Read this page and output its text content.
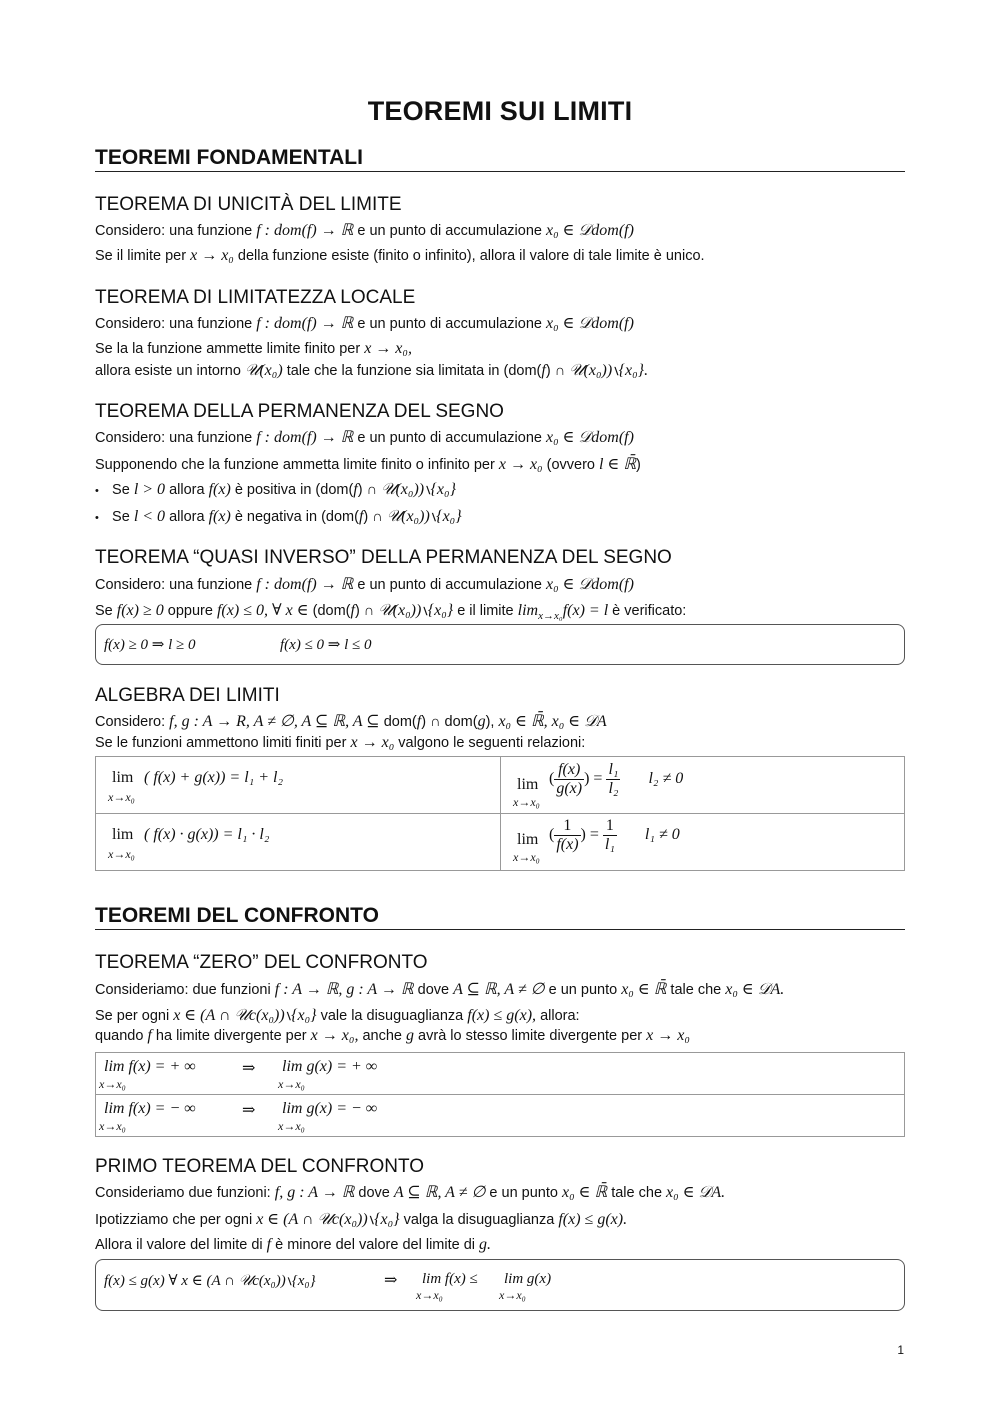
TEOREMI SUI LIMITI
TEOREMI FONDAMENTALI
TEOREMA DI UNICITÀ DEL LIMITE
Considero: una funzione f : dom(f) → ℝ e un punto di accumulazione x₀ ∈ 𝒟dom(f)
Se il limite per x → x₀ della funzione esiste (finito o infinito), allora il valore di tale limite è unico.
TEOREMA DI LIMITATEZZA LOCALE
Considero: una funzione f : dom(f) → ℝ e un punto di accumulazione x₀ ∈ 𝒟dom(f)
Se la la funzione ammette limite finito per x → x₀,
allora esiste un intorno 𝒰(x₀) tale che la funzione sia limitata in (dom(f) ∩ 𝒰(x₀))∖{x₀}.
TEOREMA DELLA PERMANENZA DEL SEGNO
Considero: una funzione f : dom(f) → ℝ e un punto di accumulazione x₀ ∈ 𝒟dom(f)
Supponendo che la funzione ammetta limite finito o infinito per x → x₀ (ovvero l ∈ ℝ̄)
• Se l > 0 allora f(x) è positiva in (dom(f) ∩ 𝒰(x₀))∖{x₀}
• Se l < 0 allora f(x) è negativa in (dom(f) ∩ 𝒰(x₀))∖{x₀}
TEOREMA “QUASI INVERSO” DELLA PERMANENZA DEL SEGNO
Considero: una funzione f : dom(f) → ℝ e un punto di accumulazione x₀ ∈ 𝒟dom(f)
Se f(x) ≥ 0 oppure f(x) ≤ 0, ∀ x ∈ (dom(f) ∩ 𝒰(x₀))∖{x₀} e il limite $\lim_{x\to x_0}f(x) = l$ è verificato:
f(x) ≥ 0 ⇒ l ≥ 0	f(x) ≤ 0 ⇒ l ≤ 0
ALGEBRA DEI LIMITI
Considero: f, g : A → R, A ≠ ∅, A ⊆ ℝ, A ⊆ dom(f) ∩ dom(g), x₀ ∈ ℝ̄, x₀ ∈ 𝒟A
Se le funzioni ammettono limiti finiti per x → x₀ valgono le seguenti relazioni:
lim
x→x₀
( f(x) + g(x)) = l₁ + l₂	lim
x→x₀
( $\frac{f(x)}{g(x)}$ ) = $\frac{\text{l₁}}{\text{l₂}} l_2 \ne 0$
lim
x→x₀
( f(x) · g(x)) = l₁ · l₂	lim
x→x₀
( $\frac{1}{f(x)}$ ) = $\frac{1}{\text{l₁}} l_1 \ne 0$
TEOREMI DEL CONFRONTO
TEOREMA “ZERO” DEL CONFRONTO
Consideriamo: due funzioni f : A → ℝ, g : A → ℝ dove A ⊆ ℝ, A ≠ ∅ e un punto x₀ ∈ ℝ̄ tale che x₀ ∈ 𝒟A.
Se per ogni x ∈ (A ∩ 𝒰c(x₀))∖{x₀} vale la disuguaglianza f(x) ≤ g(x), allora:
quando f ha limite divergente per x → x₀, anche g avrà lo stesso limite divergente per x → x₀
lim f(x) = + ∞
x→x₀
⇒ lim g(x) = + ∞
x→x₀
lim f(x) = − ∞
x→x₀
⇒ lim g(x) = − ∞
x→x₀
PRIMO TEOREMA DEL CONFRONTO
Consideriamo due funzioni: f, g : A → ℝ dove A ⊆ ℝ, A ≠ ∅ e un punto x₀ ∈ ℝ̄ tale che x₀ ∈ 𝒟A.
Ipotizziamo che per ogni x ∈ (A ∩ 𝒰c(x₀))∖{x₀} valga la disuguaglianza f(x) ≤ g(x).
Allora il valore del limite di f è minore del valore del limite di g.
f(x) ≤ g(x) ∀ x ∈ (A ∩ 𝒰c(x₀))∖{x₀}	⇒ lim f(x) ≤
x→x₀
lim g(x)
x→x₀
1
